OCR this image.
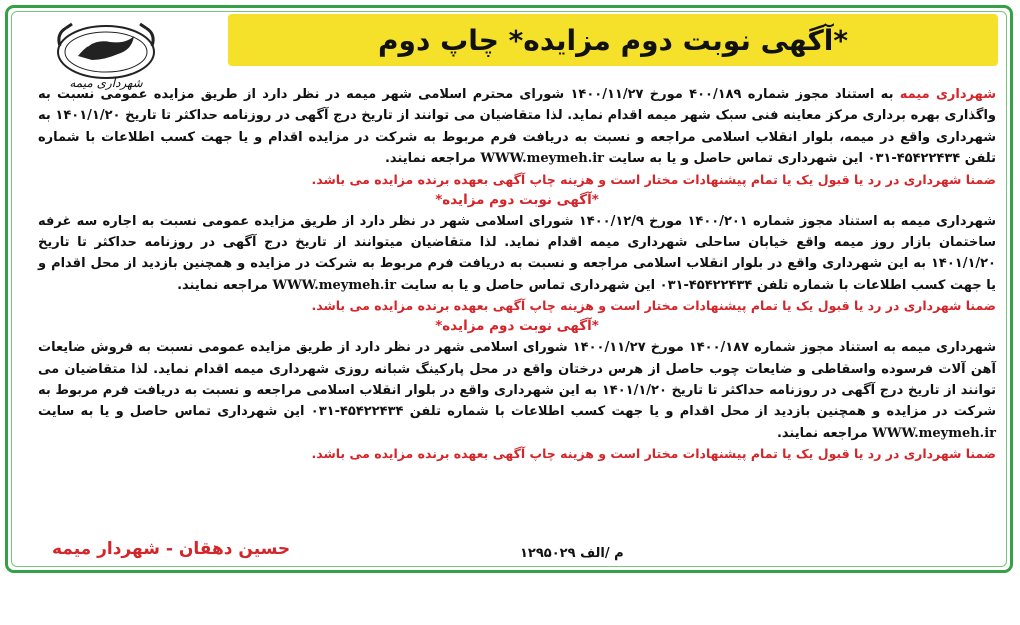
شهرداری میمه
*آگهی نوبت دوم مزایده* چاپ دوم
شهرداری میمه به استناد مجوز شماره ۴۰۰/۱۸۹ مورخ ۱۴۰۰/۱۱/۲۷ شورای محترم اسلامی شهر میمه در نظر دارد از طریق مزایده عمومی نسبت به واگذاری بهره برداری مرکز معاینه فنی سبک شهر میمه اقدام نماید. لذا متقاضیان می توانند از تاریخ درج آگهی در روزنامه حداکثر تا تاریخ ۱۴۰۱/۱/۲۰ به شهرداری واقع در میمه، بلوار انقلاب اسلامی مراجعه و نسبت به دریافت فرم مربوط به شرکت در مزایده اقدام و یا جهت کسب اطلاعات با شماره تلفن ۴۵۴۲۲۴۳۴-۰۳۱ این شهرداری تماس حاصل و یا به سایت WWW.meymeh.ir مراجعه نمایند.
ضمنا شهرداری در رد یا قبول یک یا تمام پیشنهادات مختار است و هزینه چاپ آگهی بعهده برنده مزایده می باشد.
*آگهی نوبت دوم مزایده*
شهرداری میمه به استناد مجوز شماره ۱۴۰۰/۲۰۱ مورخ ۱۴۰۰/۱۲/۹ شورای اسلامی شهر در نظر دارد از طریق مزایده عمومی نسبت به اجاره سه غرفه ساختمان بازار روز میمه واقع خیابان ساحلی شهرداری میمه اقدام نماید. لذا متقاضیان میتوانند از تاریخ درج آگهی در روزنامه حداکثر تا تاریخ ۱۴۰۱/۱/۲۰ به این شهرداری واقع در بلوار انقلاب اسلامی مراجعه و نسبت به دریافت فرم مربوط به شرکت در مزایده و همچنین بازدید از محل اقدام و یا جهت کسب اطلاعات با شماره تلفن ۴۵۴۲۲۴۳۴-۰۳۱ این شهرداری تماس حاصل و یا به سایت WWW.meymeh.ir مراجعه نمایند.
ضمنا شهرداری در رد یا قبول یک یا تمام پیشنهادات مختار است و هزینه چاپ آگهی بعهده برنده مزایده می باشد.
*آگهی نوبت دوم مزایده*
شهرداری میمه به استناد مجوز شماره ۱۴۰۰/۱۸۷ مورخ ۱۴۰۰/۱۱/۲۷ شورای اسلامی شهر در نظر دارد از طریق مزایده عمومی نسبت به فروش ضایعات آهن آلات فرسوده واسقاطی و ضایعات چوب حاصل از هرس درختان واقع در محل پارکینگ شبانه روزی شهرداری میمه اقدام نماید. لذا متقاضیان می توانند از تاریخ درج آگهی در روزنامه حداکثر تا تاریخ ۱۴۰۱/۱/۲۰ به این شهرداری واقع در بلوار انقلاب اسلامی مراجعه و نسبت به دریافت فرم مربوط به شرکت در مزایده و همچنین بازدید از محل اقدام و یا جهت کسب اطلاعات با شماره تلفن ۴۵۴۲۲۴۳۴-۰۳۱ این شهرداری تماس حاصل و یا به سایت WWW.meymeh.ir مراجعه نمایند.
ضمنا شهرداری در رد یا قبول یک یا تمام پیشنهادات مختار است و هزینه چاپ آگهی بعهده برنده مزایده می باشد.
حسین دهقان - شهردار میمه	م /الف ۱۲۹۵۰۲۹
